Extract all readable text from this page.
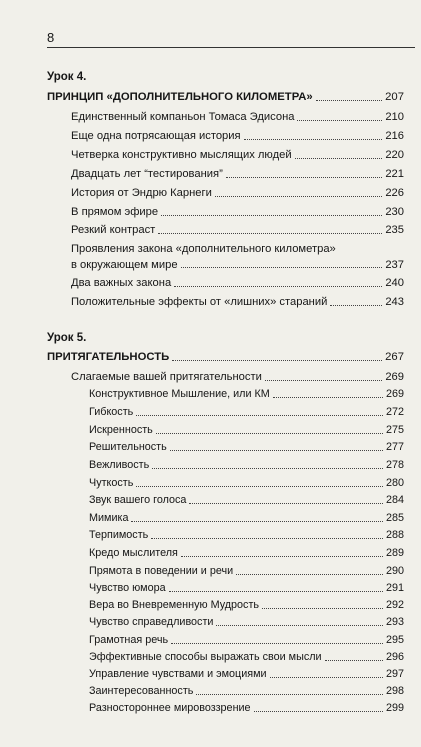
8
Урок 4.
ПРИНЦИП «ДОПОЛНИТЕЛЬНОГО КИЛОМЕТРА»	207
Единственный компаньон Томаса Эдисона	210
Еще одна потрясающая история	216
Четверка конструктивно мыслящих людей	220
Двадцать лет “тестирования”	221
История от Эндрю Карнеги	226
В прямом эфире	230
Резкий контраст	235
Проявления закона «дополнительного километра»
в окружающем мире	237
Два важных закона	240
Положительные эффекты от «лишних» стараний	243
Урок 5.
ПРИТЯГАТЕЛЬНОСТЬ	267
Слагаемые вашей притягательности	269
Конструктивное Мышление, или КМ	269
Гибкость	272
Искренность	275
Решительность	277
Вежливость	278
Чуткость	280
Звук вашего голоса	284
Мимика	285
Терпимость	288
Кредо мыслителя	289
Прямота в поведении и речи	290
Чувство юмора	291
Вера во Вневременную Мудрость	292
Чувство справедливости	293
Грамотная речь	295
Эффективные способы выражать свои мысли	296
Управление чувствами и эмоциями	297
Заинтересованность	298
Разностороннее мировоззрение	299
